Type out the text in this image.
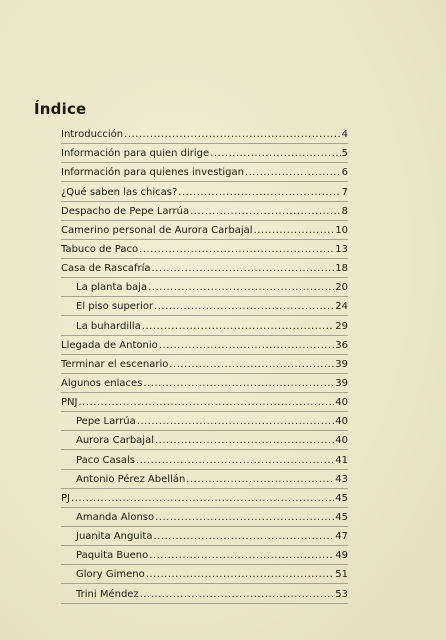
Índice
Introducción .....	4
Información para quien dirige .....	5
Información para quienes investigan .....	6
¿Qué saben las chicas? .....	7
Despacho de Pepe Larrúa .....	8
Camerino personal de Aurora Carbajal .....	10
Tabuco de Paco .....	13
Casa de Rascafría .....	18
La planta baja .....	20
El piso superior .....	24
La buhardilla .....	29
Llegada de Antonio .....	36
Terminar el escenario .....	39
Algunos enlaces .....	39
PNJ .....	40
Pepe Larrúa .....	40
Aurora Carbajal .....	40
Paco Casals .....	41
Antonio Pérez Abellán .....	43
PJ .....	45
Amanda Alonso .....	45
Juanita Anguita .....	47
Paquita Bueno .....	49
Glory Gimeno .....	51
Trini Méndez .....	53
